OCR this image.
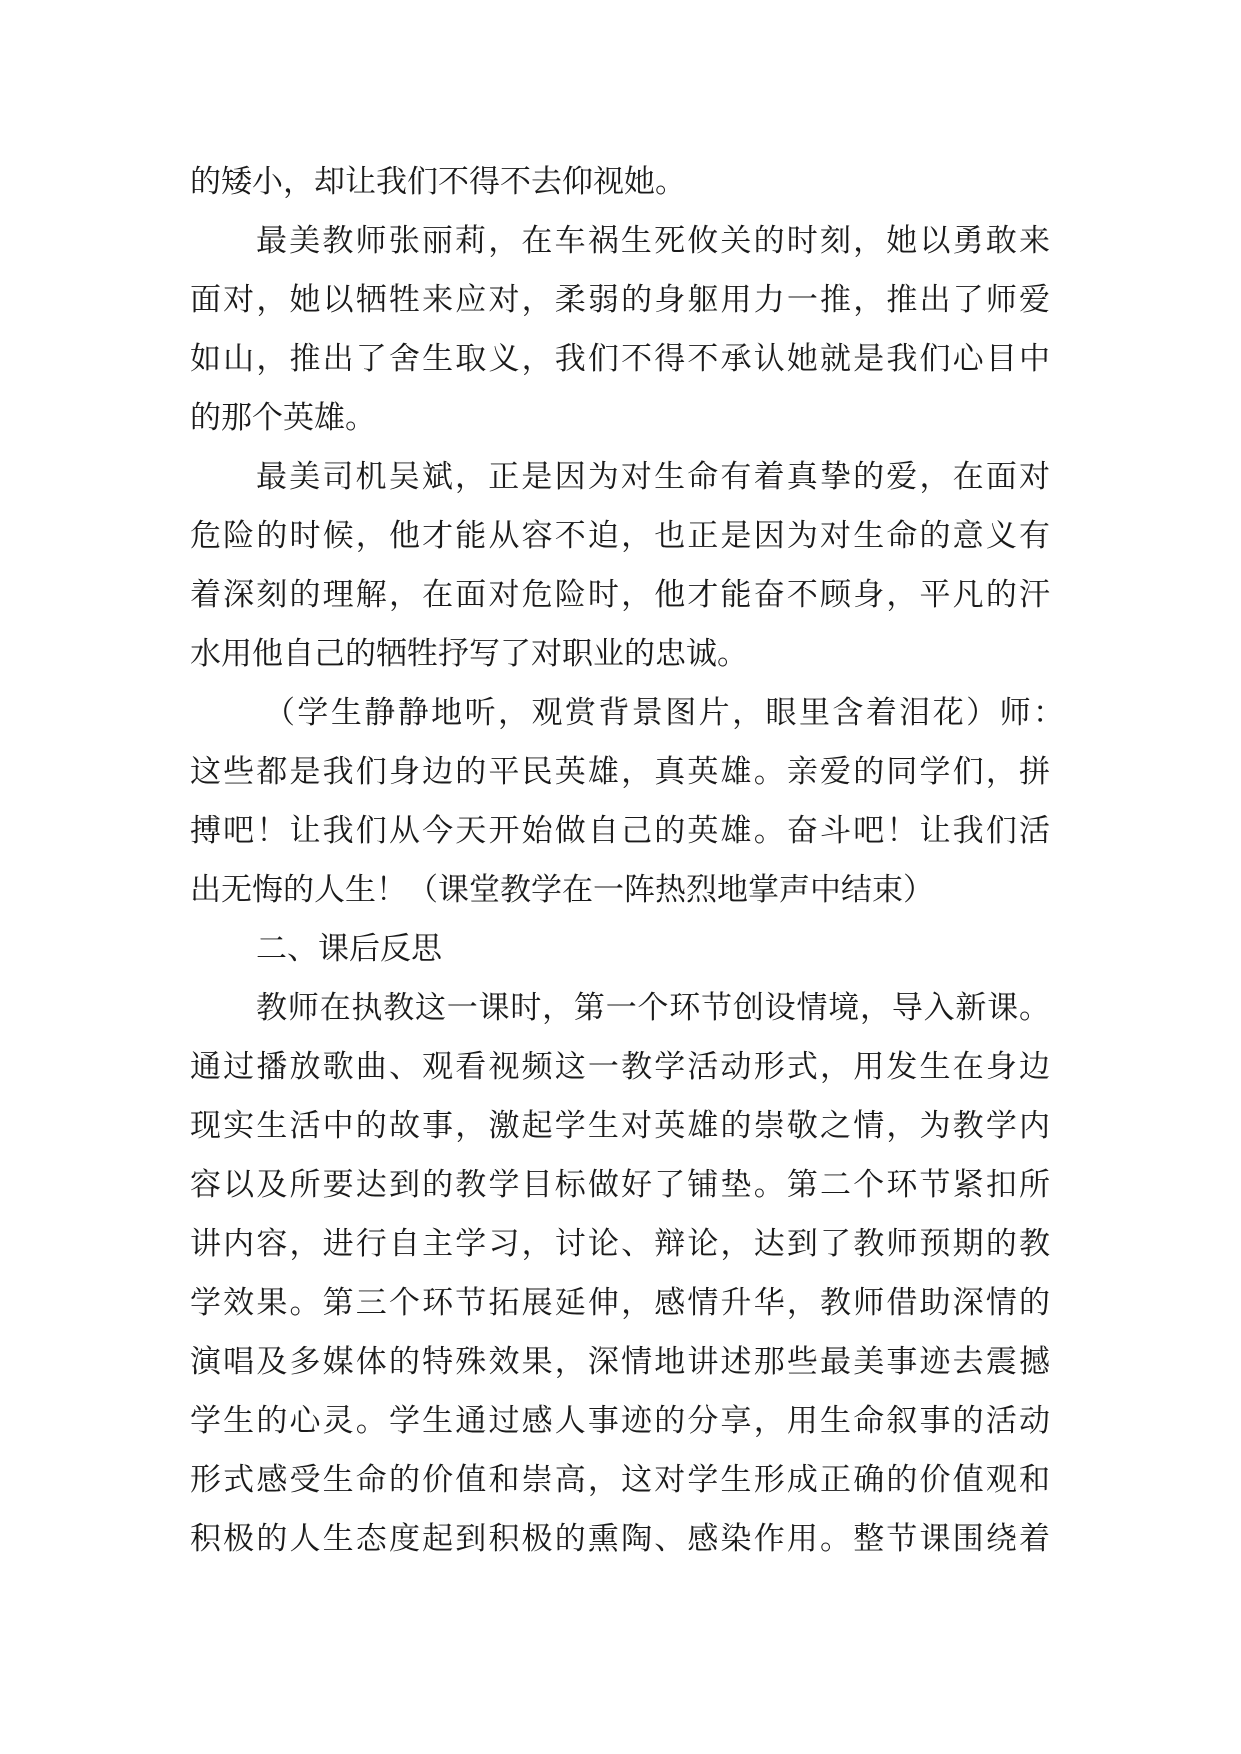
的矮小，却让我们不得不去仰视她。
最美教师张丽莉，在车祸生死攸关的时刻，她以勇敢来
面对，她以牺牲来应对，柔弱的身躯用力一推，推出了师爱
如山，推出了舍生取义，我们不得不承认她就是我们心目中
的那个英雄。
最美司机吴斌，正是因为对生命有着真挚的爱，在面对
危险的时候，他才能从容不迫，也正是因为对生命的意义有
着深刻的理解，在面对危险时，他才能奋不顾身，平凡的汗
水用他自己的牺牲抒写了对职业的忠诚。
（学生静静地听，观赏背景图片，眼里含着泪花）师：
这些都是我们身边的平民英雄，真英雄。亲爱的同学们，拼
搏吧！让我们从今天开始做自己的英雄。奋斗吧！让我们活
出无悔的人生！（课堂教学在一阵热烈地掌声中结束）
二、课后反思
教师在执教这一课时，第一个环节创设情境，导入新课。
通过播放歌曲、观看视频这一教学活动形式，用发生在身边
现实生活中的故事，激起学生对英雄的崇敬之情，为教学内
容以及所要达到的教学目标做好了铺垫。第二个环节紧扣所
讲内容，进行自主学习，讨论、辩论，达到了教师预期的教
学效果。第三个环节拓展延伸，感情升华，教师借助深情的
演唱及多媒体的特殊效果，深情地讲述那些最美事迹去震撼
学生的心灵。学生通过感人事迹的分享，用生命叙事的活动
形式感受生命的价值和崇高，这对学生形成正确的价值观和
积极的人生态度起到积极的熏陶、感染作用。整节课围绕着
